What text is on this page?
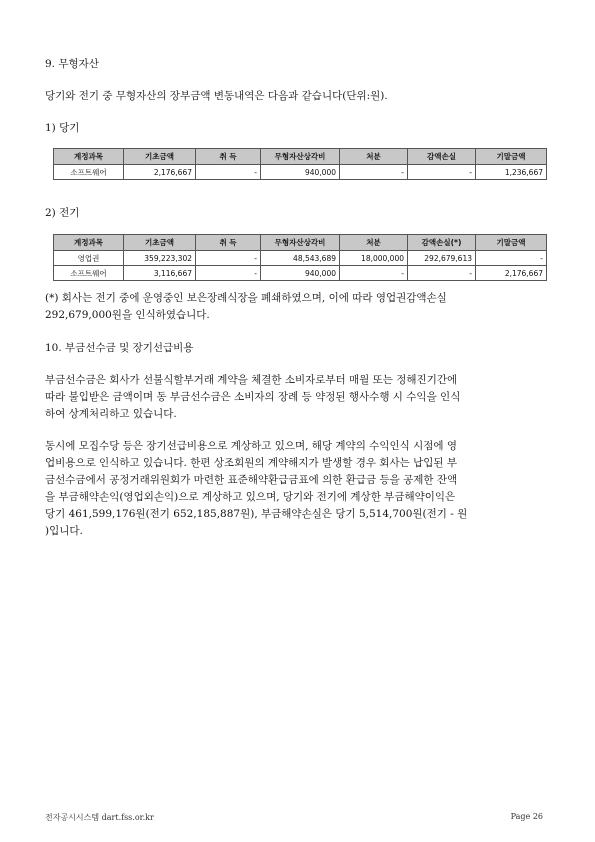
9. 무형자산
당기와 전기 중 무형자산의 장부금액 변동내역은 다음과 같습니다(단위:원).
1) 당기
계정과목	기초금액	취 득	무형자산상각비	처분	감액손실	기말금액
소프트웨어	2,176,667	-	940,000	-	-	1,236,667
2) 전기
계정과목	기초금액	취 득	무형자산상각비	처분	감액손실(*)	기말금액
영업권	359,223,302	-	48,543,689	18,000,000	292,679,613	-
소프트웨어	3,116,667	-	940,000	-	-	2,176,667
(*) 회사는 전기 중에 운영중인 보은장례식장을 폐쇄하였으며, 이에 따라 영업권감액손실
292,679,000원을 인식하였습니다.
10. 부금선수금 및 장기선급비용
부금선수금은 회사가 선불식할부거래 계약을 체결한 소비자로부터 매월 또는 정해진기간에
따라 불입받은 금액이며 동 부금선수금은 소비자의 장례 등 약정된 행사수행 시 수익을 인식
하여 상계처리하고 있습니다.
동시에 모집수당 등은 장기선급비용으로 계상하고 있으며, 해당 계약의 수익인식 시점에 영
업비용으로 인식하고 있습니다. 한편 상조회원의 계약해지가 발생할 경우 회사는 납입된 부
금선수금에서 공정거래위원회가 마련한 표준해약환급금표에 의한 환급금 등을 공제한 잔액
을 부금해약손익(영업외손익)으로 계상하고 있으며, 당기와 전기에 계상한 부금해약이익은
당기 461,599,176원(전기 652,185,887원), 부금해약손실은 당기 5,514,700원(전기 - 원
)입니다.
전자공시시스템 dart.fss.or.kr	Page 26
